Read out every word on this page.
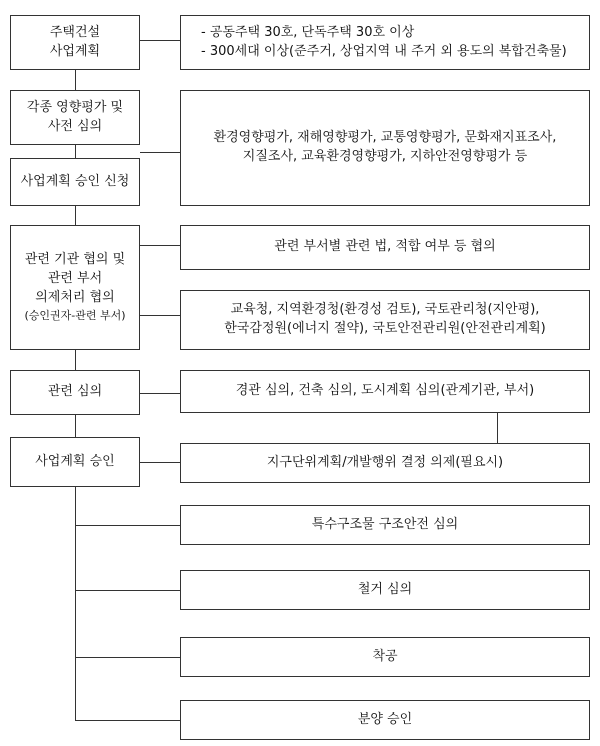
주택건설
사업계획
각종 영향평가 및
사전 심의
사업계획 승인 신청
관련 기관 협의 및
관련 부서
의제처리 협의
(승인권자-관련 부서)
관련 심의
사업계획 승인
- 공동주택 30호, 단독주택 30호 이상
- 300세대 이상(준주거, 상업지역 내 주거 외 용도의 복합건축물)
환경영향평가, 재해영향평가, 교통영향평가, 문화재지표조사,
지질조사, 교육환경영향평가, 지하안전영향평가 등
관련 부서별 관련 법, 적합 여부 등 협의
교육청, 지역환경청(환경성 검토), 국토관리청(지안평),
한국감정원(에너지 절약), 국토안전관리원(안전관리계획)
경관 심의, 건축 심의, 도시계획 심의(관계기관, 부서)
지구단위계획/개발행위 결정 의제(필요시)
특수구조물 구조안전 심의
철거 심의
착공
분양 승인
